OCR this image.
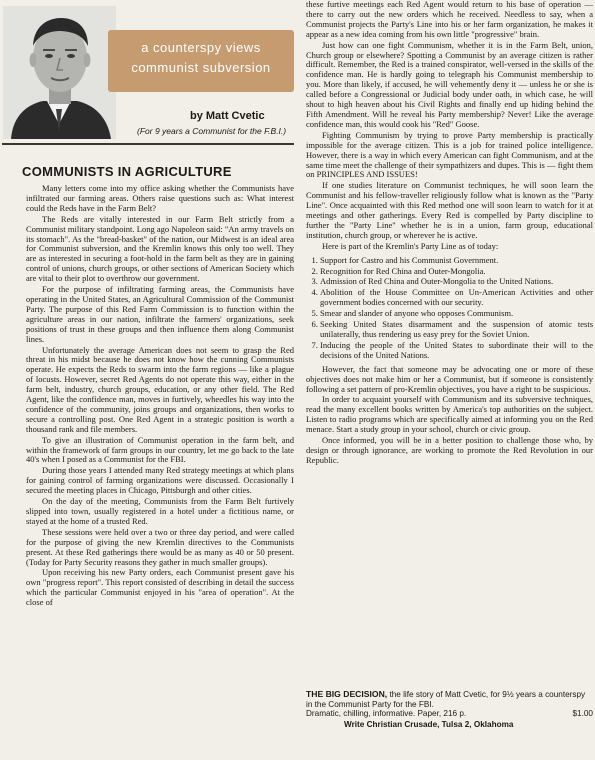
a counterspy views
communist subversion
by Matt Cvetic
(For 9 years a Communist for the F.B.I.)
COMMUNISTS IN AGRICULTURE

Many letters come into my office asking whether the Communists have infiltrated our farming areas. Others raise questions such as: What interest could the Reds have in the Farm Belt?

The Reds are vitally interested in our Farm Belt strictly from a Communist military standpoint. Long ago Napoleon said: "An army travels on its stomach". As the "bread-basket" of the nation, our Midwest is an ideal area for Communist subversion, and the Kremlin knows this only too well. They are as interested in securing a foot-hold in the farm belt as they are in gaining control of unions, church groups, or other sections of American Society which are vital to their plot to overthrow our government.

For the purpose of infiltrating farming areas, the Communists have operating in the United States, an Agricultural Commission of the Communist Party. The purpose of this Red Farm Commission is to function within the agriculture areas in our nation, infiltrate the farmers' organizations, seek positions of trust in these groups and then influence them along Communist lines.

Unfortunately the average American does not seem to grasp the Red threat in his midst because he does not know how the cunning Communists operate. He expects the Reds to swarm into the farm regions — like a plague of locusts. However, secret Red Agents do not operate this way, either in the farm belt, industry, church groups, education, or any other field. The Red Agent, like the confidence man, moves in furtively, wheedles his way into the confidence of the community, joins groups and organizations, then works to secure a controlling post. One Red Agent in a strategic position is worth a thousand rank and file members.

To give an illustration of Communist operation in the farm belt, and within the framework of farm groups in our country, let me go back to the late 40's when I posed as a Communist for the FBI.

During those years I attended many Red strategy meetings at which plans for gaining control of farming organizations were discussed. Occasionally I secured the meeting places in Chicago, Pittsburgh and other cities.

On the day of the meeting, Communists from the Farm Belt furtively slipped into town, usually registered in a hotel under a fictitious name, or stayed at the home of a trusted Red.

These sessions were held over a two or three day period, and were called for the purpose of giving the new Kremlin directives to the Communists present. At these Red gatherings there would be as many as 40 or 50 present. (Today for Party Security reasons they gather in much smaller groups).

Upon receiving his new Party orders, each Communist present gave his own "progress report". This report consisted of describing in detail the success which the particular Communist enjoyed in his "area of operation". At the close of

these furtive meetings each Red Agent would return to his base of operation — there to carry out the new orders which he received. Needless to say, when a Communist projects the Party's Line into his or her farm organization, he makes it appear as a new idea coming from his own little "progressive" brain.

Just how can one fight Communism, whether it is in the Farm Belt, union, Church group or elsewhere? Spotting a Communist by an average citizen is rather difficult. Remember, the Red is a trained conspirator, well-versed in the skills of the confidence man. He is hardly going to telegraph his Communist membership to you. More than likely, if accused, he will vehemently deny it — unless he or she is called before a Congressional or Judicial body under oath, in which case, he will shout to high heaven about his Civil Rights and finally end up hiding behind the Fifth Amendment. Will he reveal his Party membership? Never! Like the average confidence man, this would cook his "Red" Goose.

Fighting Communism by trying to prove Party membership is practically impossible for the average citizen. This is a job for trained police intelligence. However, there is a way in which every American can fight Communism, and at the same time meet the challenge of their sympathizers and dupes. This is — fight them on PRINCIPLES AND ISSUES!

If one studies literature on Communist techniques, he will soon learn the Communist and his fellow-traveller religiously follow what is known as the "Party Line". Once acquainted with this Red method one will soon learn to watch for it at meetings and other gatherings. Every Red is compelled by Party discipline to further the "Party Line" whether he is in a union, farm group, educational institution, church group, or wherever he is active.

Here is part of the Kremlin's Party Line as of today:

1. Support for Castro and his Communist Government.
2. Recognition for Red China and Outer-Mongolia.
3. Admission of Red China and Outer-Mongolia to the United Nations.
4. Abolition of the House Committee on Un-American Activities and other government bodies concerned with our security.
5. Smear and slander of anyone who opposes Communism.
6. Seeking United States disarmament and the suspension of atomic tests unilaterally, thus rendering us easy prey for the Soviet Union.
7. Inducing the people of the United States to subordinate their will to the decisions of the United Nations.

However, the fact that someone may be advocating one or more of these objectives does not make him or her a Communist, but if someone is consistently following a set pattern of pro-Kremlin objectives, you have a right to be suspicious.

In order to acquaint yourself with Communism and its subversive techniques, read the many excellent books written by America's top authorities on the subject. Listen to radio programs which are specifically aimed at informing you on the Red menace. Start a study group in your school, church or civic group.

Once informed, you will be in a better position to challenge those who, by design or through ignorance, are working to promote the Red Revolution in our Republic.

THE BIG DECISION, the life story of Matt Cvetic, for 9½ years a counterspy in the Communist Party for the FBI.
Dramatic, chilling, informative. Paper, 216 p.	$1.00
Write Christian Crusade, Tulsa 2, Oklahoma
